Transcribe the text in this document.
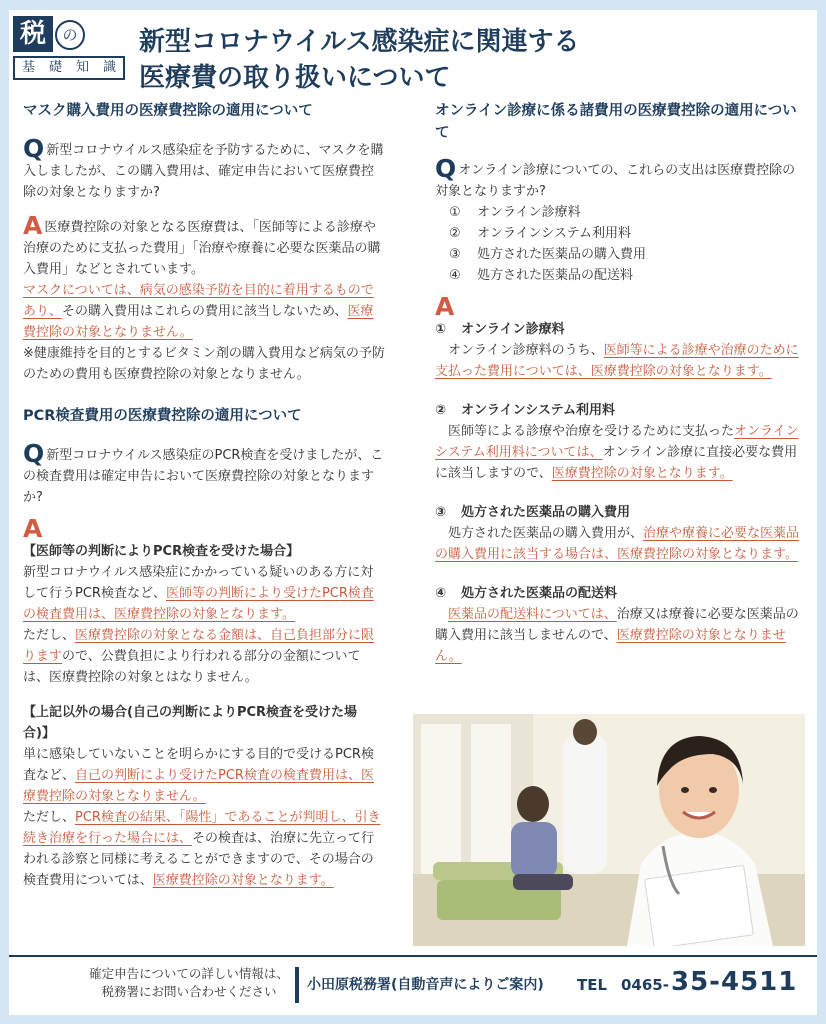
税	の
基	礎	知	識
新型コロナウイルス感染症に関連する
医療費の取り扱いについて

マスク購入費用の医療費控除の適用について

Q新型コロナウイルス感染症を予防するために、マスクを購入しましたが、この購入費用は、確定申告において医療費控除の対象となりますか?

A医療費控除の対象となる医療費は、「医師等による診療や治療のために支払った費用」「治療や療養に必要な医薬品の購入費用」などとされています。
マスクについては、病気の感染予防を目的に着用するものであり、その購入費用はこれらの費用に該当しないため、医療費控除の対象となりません。
※健康維持を目的とするビタミン剤の購入費用など病気の予防のための費用も医療費控除の対象となりません。

PCR検査費用の医療費控除の適用について

Q新型コロナウイルス感染症のPCR検査を受けましたが、この検査費用は確定申告において医療費控除の対象となりますか?

A
【医師等の判断によりPCR検査を受けた場合】
新型コロナウイルス感染症にかかっている疑いのある方に対して行うPCR検査など、医師等の判断により受けたPCR検査の検査費用は、医療費控除の対象となります。
ただし、医療費控除の対象となる金額は、自己負担部分に限りますので、公費負担により行われる部分の金額については、医療費控除の対象とはなりません。

【上記以外の場合(自己の判断によりPCR検査を受けた場合)】
単に感染していないことを明らかにする目的で受けるPCR検査など、自己の判断により受けたPCR検査の検査費用は、医療費控除の対象となりません。
ただし、PCR検査の結果、「陽性」であることが判明し、引き続き治療を行った場合には、その検査は、治療に先立って行われる診察と同様に考えることができますので、その場合の検査費用については、医療費控除の対象となります。

オンライン診療に係る諸費用の医療費控除の適用について

Qオンライン診療についての、これらの支出は医療費控除の対象となりますか?

① オンライン診療料
② オンラインシステム利用料
③ 処方された医薬品の購入費用
④ 処方された医薬品の配送料

A

① オンライン診療料

オンライン診療料のうち、医師等による診療や治療のために支払った費用については、医療費控除の対象となります。

② オンラインシステム利用料

医師等による診療や治療を受けるために支払ったオンラインシステム利用料については、オンライン診療に直接必要な費用に該当しますので、医療費控除の対象となります。

③ 処方された医薬品の購入費用

処方された医薬品の購入費用が、治療や療養に必要な医薬品の購入費用に該当する場合は、医療費控除の対象となります。

④ 処方された医薬品の配送料

医薬品の配送料については、治療又は療養に必要な医薬品の購入費用に該当しませんので、医療費控除の対象となりません。

確定申告についての詳しい情報は、
税務署にお問い合わせください	小田原税務署(自動音声によりご案内) TEL 0465- 35-4511
